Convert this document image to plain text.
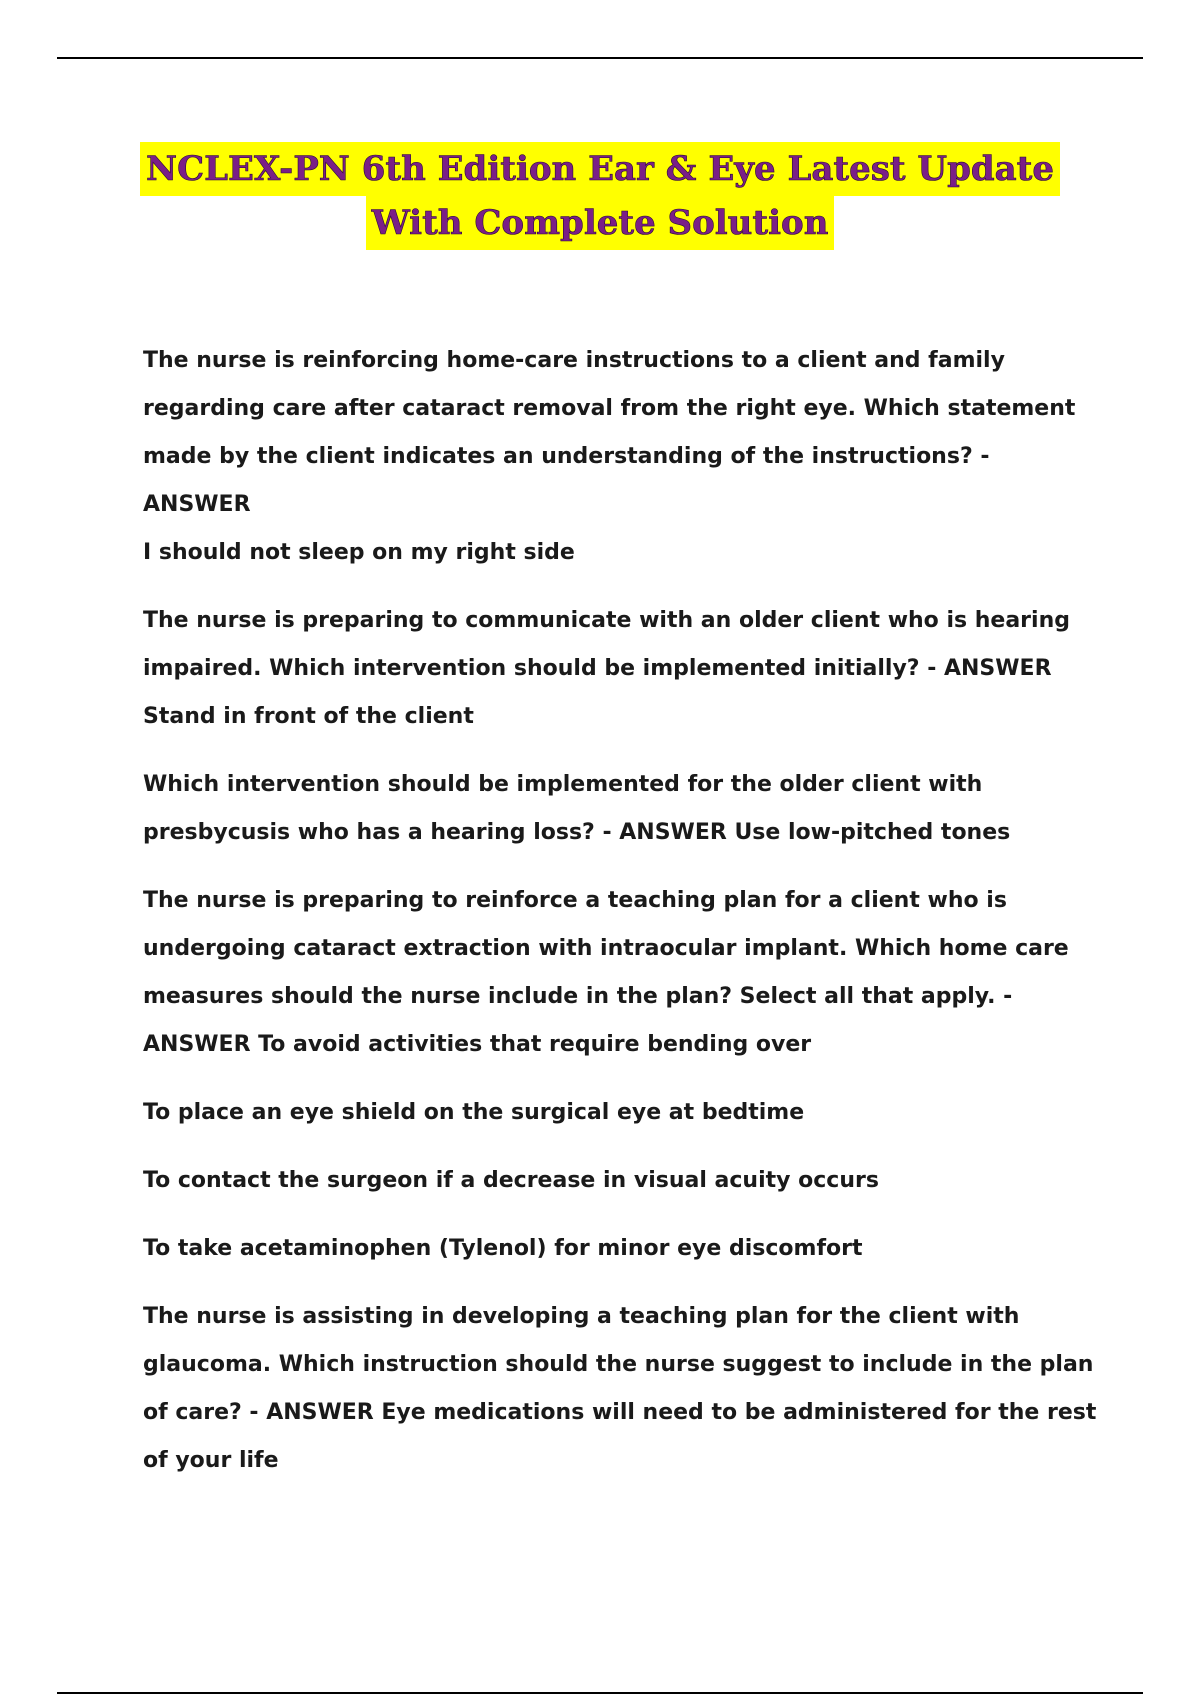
NCLEX-PN 6th Edition Ear & Eye Latest Update
With Complete Solution

The nurse is reinforcing home-care instructions to a client and family
regarding care after cataract removal from the right eye. Which statement
made by the client indicates an understanding of the instructions? - ANSWER
I should not sleep on my right side

The nurse is preparing to communicate with an older client who is hearing
impaired. Which intervention should be implemented initially? - ANSWER
Stand in front of the client

Which intervention should be implemented for the older client with
presbycusis who has a hearing loss? - ANSWER Use low-pitched tones

The nurse is preparing to reinforce a teaching plan for a client who is
undergoing cataract extraction with intraocular implant. Which home care
measures should the nurse include in the plan? Select all that apply. -
ANSWER To avoid activities that require bending over

To place an eye shield on the surgical eye at bedtime

To contact the surgeon if a decrease in visual acuity occurs

To take acetaminophen (Tylenol) for minor eye discomfort

The nurse is assisting in developing a teaching plan for the client with
glaucoma. Which instruction should the nurse suggest to include in the plan
of care? - ANSWER Eye medications will need to be administered for the rest
of your life
